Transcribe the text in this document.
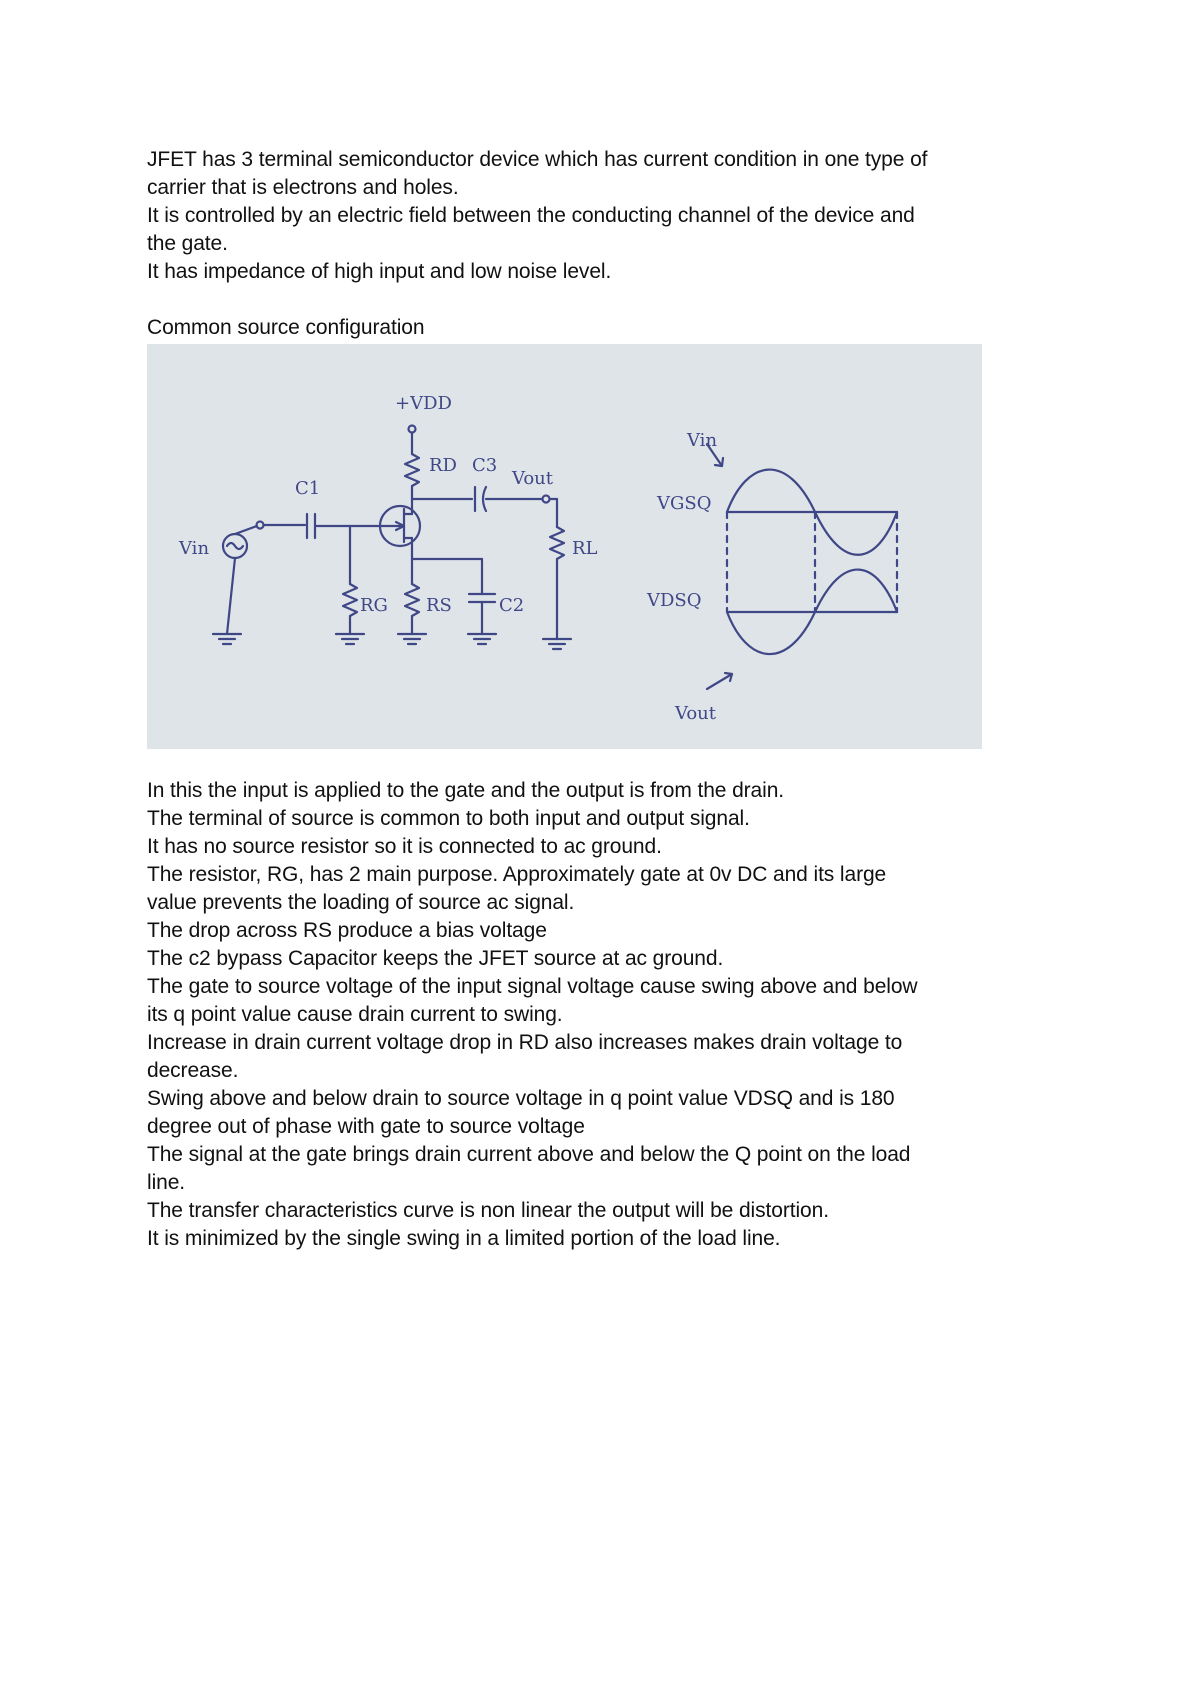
JFET has 3 terminal semiconductor device which has current condition in one type of

carrier that is electrons and holes.

It is controlled by an electric field between the conducting channel of the device and

the gate.

It has impedance of high input and low noise level.

Common source configuration

+VDD
RD C3
Vout
C1
Vin	RL
RG RS	C2
Vin
VGSQ
VDSQ
Vout

In this the input is applied to the gate and the output is from the drain.

The terminal of source is common to both input and output signal.

It has no source resistor so it is connected to ac ground.

The resistor, RG, has 2 main purpose. Approximately gate at 0v DC and its large

value prevents the loading of source ac signal.

The drop across RS produce a bias voltage

The c2 bypass Capacitor keeps the JFET source at ac ground.

The gate to source voltage of the input signal voltage cause swing above and below

its q point value cause drain current to swing.

Increase in drain current voltage drop in RD also increases makes drain voltage to

decrease.

Swing above and below drain to source voltage in q point value VDSQ and is 180

degree out of phase with gate to source voltage

The signal at the gate brings drain current above and below the Q point on the load

line.

The transfer characteristics curve is non linear the output will be distortion.

It is minimized by the single swing in a limited portion of the load line.
